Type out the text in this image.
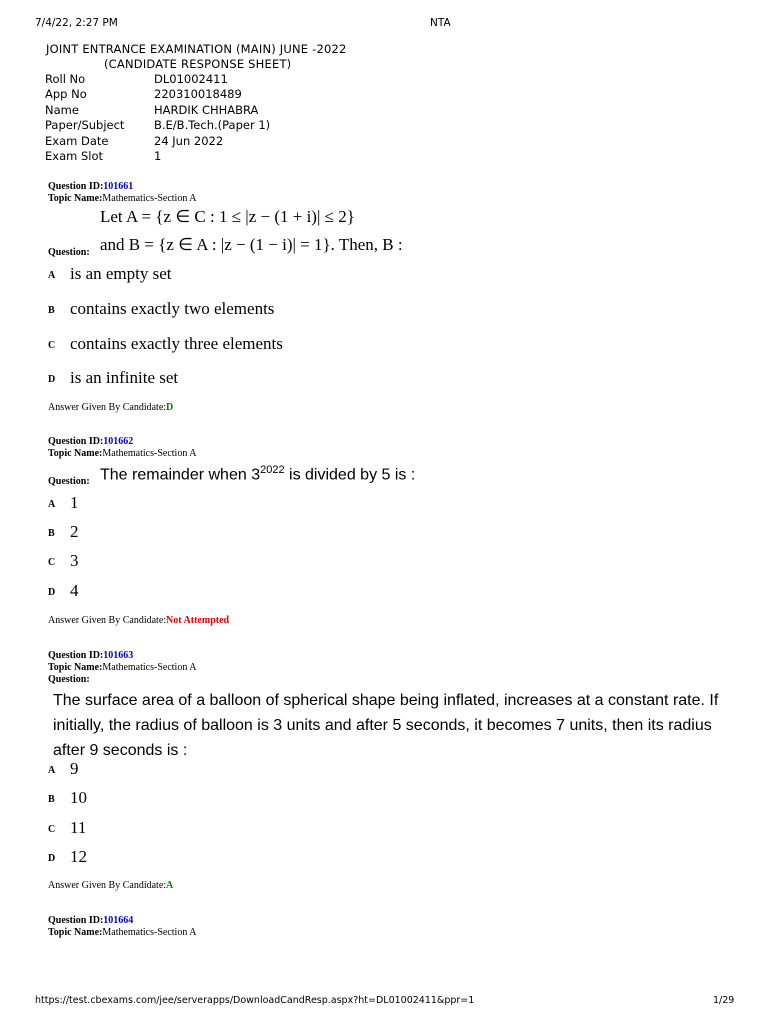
7/4/22, 2:27 PM	NTA
JOINT ENTRANCE EXAMINATION (MAIN) JUNE -2022
(CANDIDATE RESPONSE SHEET)
Roll No	DL01002411
App No	220310018489
Name	HARDIK CHHABRA
Paper/Subject	B.E/B.Tech.(Paper 1)
Exam Date	24 Jun 2022
Exam Slot	1
Question ID:101661
Topic Name:Mathematics-Section A
Let A = {z ∈ C : 1 ≤ |z − (1 + i)| ≤ 2}
Question: and B = {z ∈ A : |z − (1 − i)| = 1}. Then, B :
A is an empty set
B contains exactly two elements
C contains exactly three elements
D is an infinite set
Answer Given By Candidate:D
Question ID:101662
Topic Name:Mathematics-Section A
Question: The remainder when $3^{2022}$ is divided by 5 is :
A 1
B 2
C 3
D 4
Answer Given By Candidate:Not Attempted
Question ID:101663
Topic Name:Mathematics-Section A
Question:
The surface area of a balloon of spherical shape being inflated, increases at a constant rate. If
initially, the radius of balloon is 3 units and after 5 seconds, it becomes 7 units, then its radius
after 9 seconds is :
A 9
B 10
C 11
D 12
Answer Given By Candidate:A
Question ID:101664
Topic Name:Mathematics-Section A
https://test.cbexams.com/jee/serverapps/DownloadCandResp.aspx?ht=DL01002411&ppr=1	1/29
